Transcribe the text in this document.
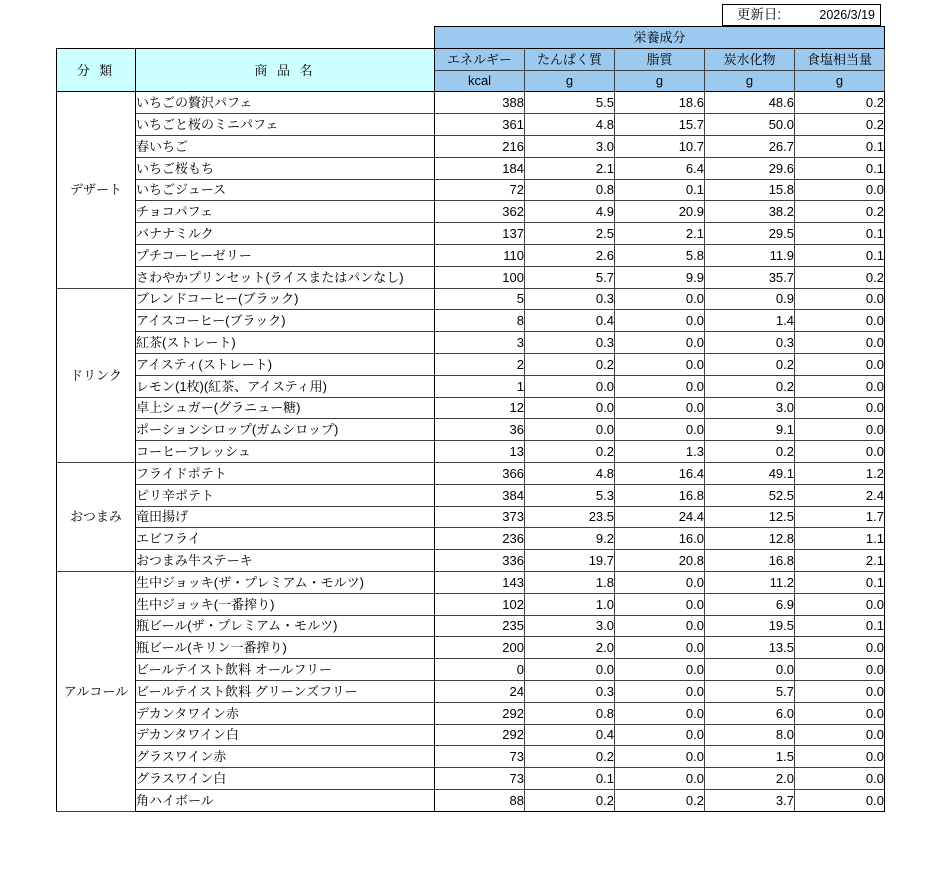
更新日:	2026/3/19
		栄養成分				
分 類	商 品 名	エネルギー	たんぱく質	脂質	炭水化物	食塩相当量
		kcal	g	g	g	g
デザート	いちごの贅沢パフェ	388	5.5	18.6	48.6	0.2
	いちごと桜のミニパフェ	361	4.8	15.7	50.0	0.2
	春いちご	216	3.0	10.7	26.7	0.1
	いちご桜もち	184	2.1	6.4	29.6	0.1
	いちごジュース	72	0.8	0.1	15.8	0.0
	チョコパフェ	362	4.9	20.9	38.2	0.2
	バナナミルク	137	2.5	2.1	29.5	0.1
	プチコーヒーゼリー	110	2.6	5.8	11.9	0.1
	さわやかプリンセット(ライスまたはパンなし)	100	5.7	9.9	35.7	0.2
ドリンク	ブレンドコーヒー(ブラック)	5	0.3	0.0	0.9	0.0
	アイスコーヒー(ブラック)	8	0.4	0.0	1.4	0.0
	紅茶(ストレート)	3	0.3	0.0	0.3	0.0
	アイスティ(ストレート)	2	0.2	0.0	0.2	0.0
	レモン(1枚)(紅茶、アイスティ用)	1	0.0	0.0	0.2	0.0
	卓上シュガー(グラニュー糖)	12	0.0	0.0	3.0	0.0
	ポーションシロップ(ガムシロップ)	36	0.0	0.0	9.1	0.0
	コーヒーフレッシュ	13	0.2	1.3	0.2	0.0
おつまみ	フライドポテト	366	4.8	16.4	49.1	1.2
	ピリ辛ポテト	384	5.3	16.8	52.5	2.4
	竜田揚げ	373	23.5	24.4	12.5	1.7
	エビフライ	236	9.2	16.0	12.8	1.1
	おつまみ牛ステーキ	336	19.7	20.8	16.8	2.1
アルコール	生中ジョッキ(ザ・プレミアム・モルツ)	143	1.8	0.0	11.2	0.1
	生中ジョッキ(一番搾り)	102	1.0	0.0	6.9	0.0
	瓶ビール(ザ・プレミアム・モルツ)	235	3.0	0.0	19.5	0.1
	瓶ビール(キリン一番搾り)	200	2.0	0.0	13.5	0.0
	ビールテイスト飲料 オールフリー	0	0.0	0.0	0.0	0.0
	ビールテイスト飲料 グリーンズフリー	24	0.3	0.0	5.7	0.0
	デカンタワイン赤	292	0.8	0.0	6.0	0.0
	デカンタワイン白	292	0.4	0.0	8.0	0.0
	グラスワイン赤	73	0.2	0.0	1.5	0.0
	グラスワイン白	73	0.1	0.0	2.0	0.0
	角ハイボール	88	0.2	0.2	3.7	0.0
